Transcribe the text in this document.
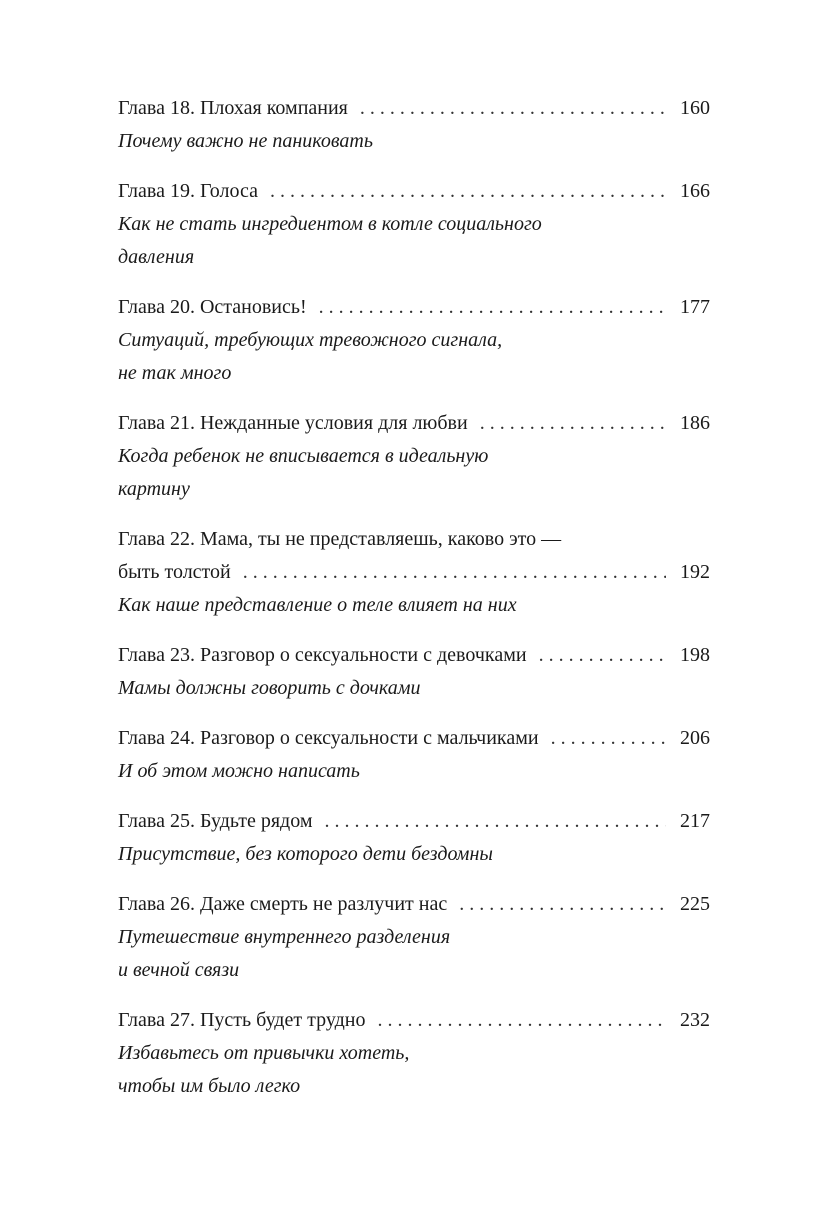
Глава 18. Плохая компания . . .	160
Почему важно не паниковать
Глава 19. Голоса . . .	166
Как не стать ингредиентом в котле социального
давления
Глава 20. Остановись! . . .	177
Ситуаций, требующих тревожного сигнала,
не так много
Глава 21. Нежданные условия для любви . . .	186
Когда ребенок не вписывается в идеальную
картину
Глава 22. Мама, ты не представляешь, каково это —
быть толстой . . .	192
Как наше представление о теле влияет на них
Глава 23. Разговор о сексуальности с девочками . . .	198
Мамы должны говорить с дочками
Глава 24. Разговор о сексуальности с мальчиками . . .	206
И об этом можно написать
Глава 25. Будьте рядом . . .	217
Присутствие, без которого дети бездомны
Глава 26. Даже смерть не разлучит нас . . .	225
Путешествие внутреннего разделения
и вечной связи
Глава 27. Пусть будет трудно . . .	232
Избавьтесь от привычки хотеть,
чтобы им было легко
